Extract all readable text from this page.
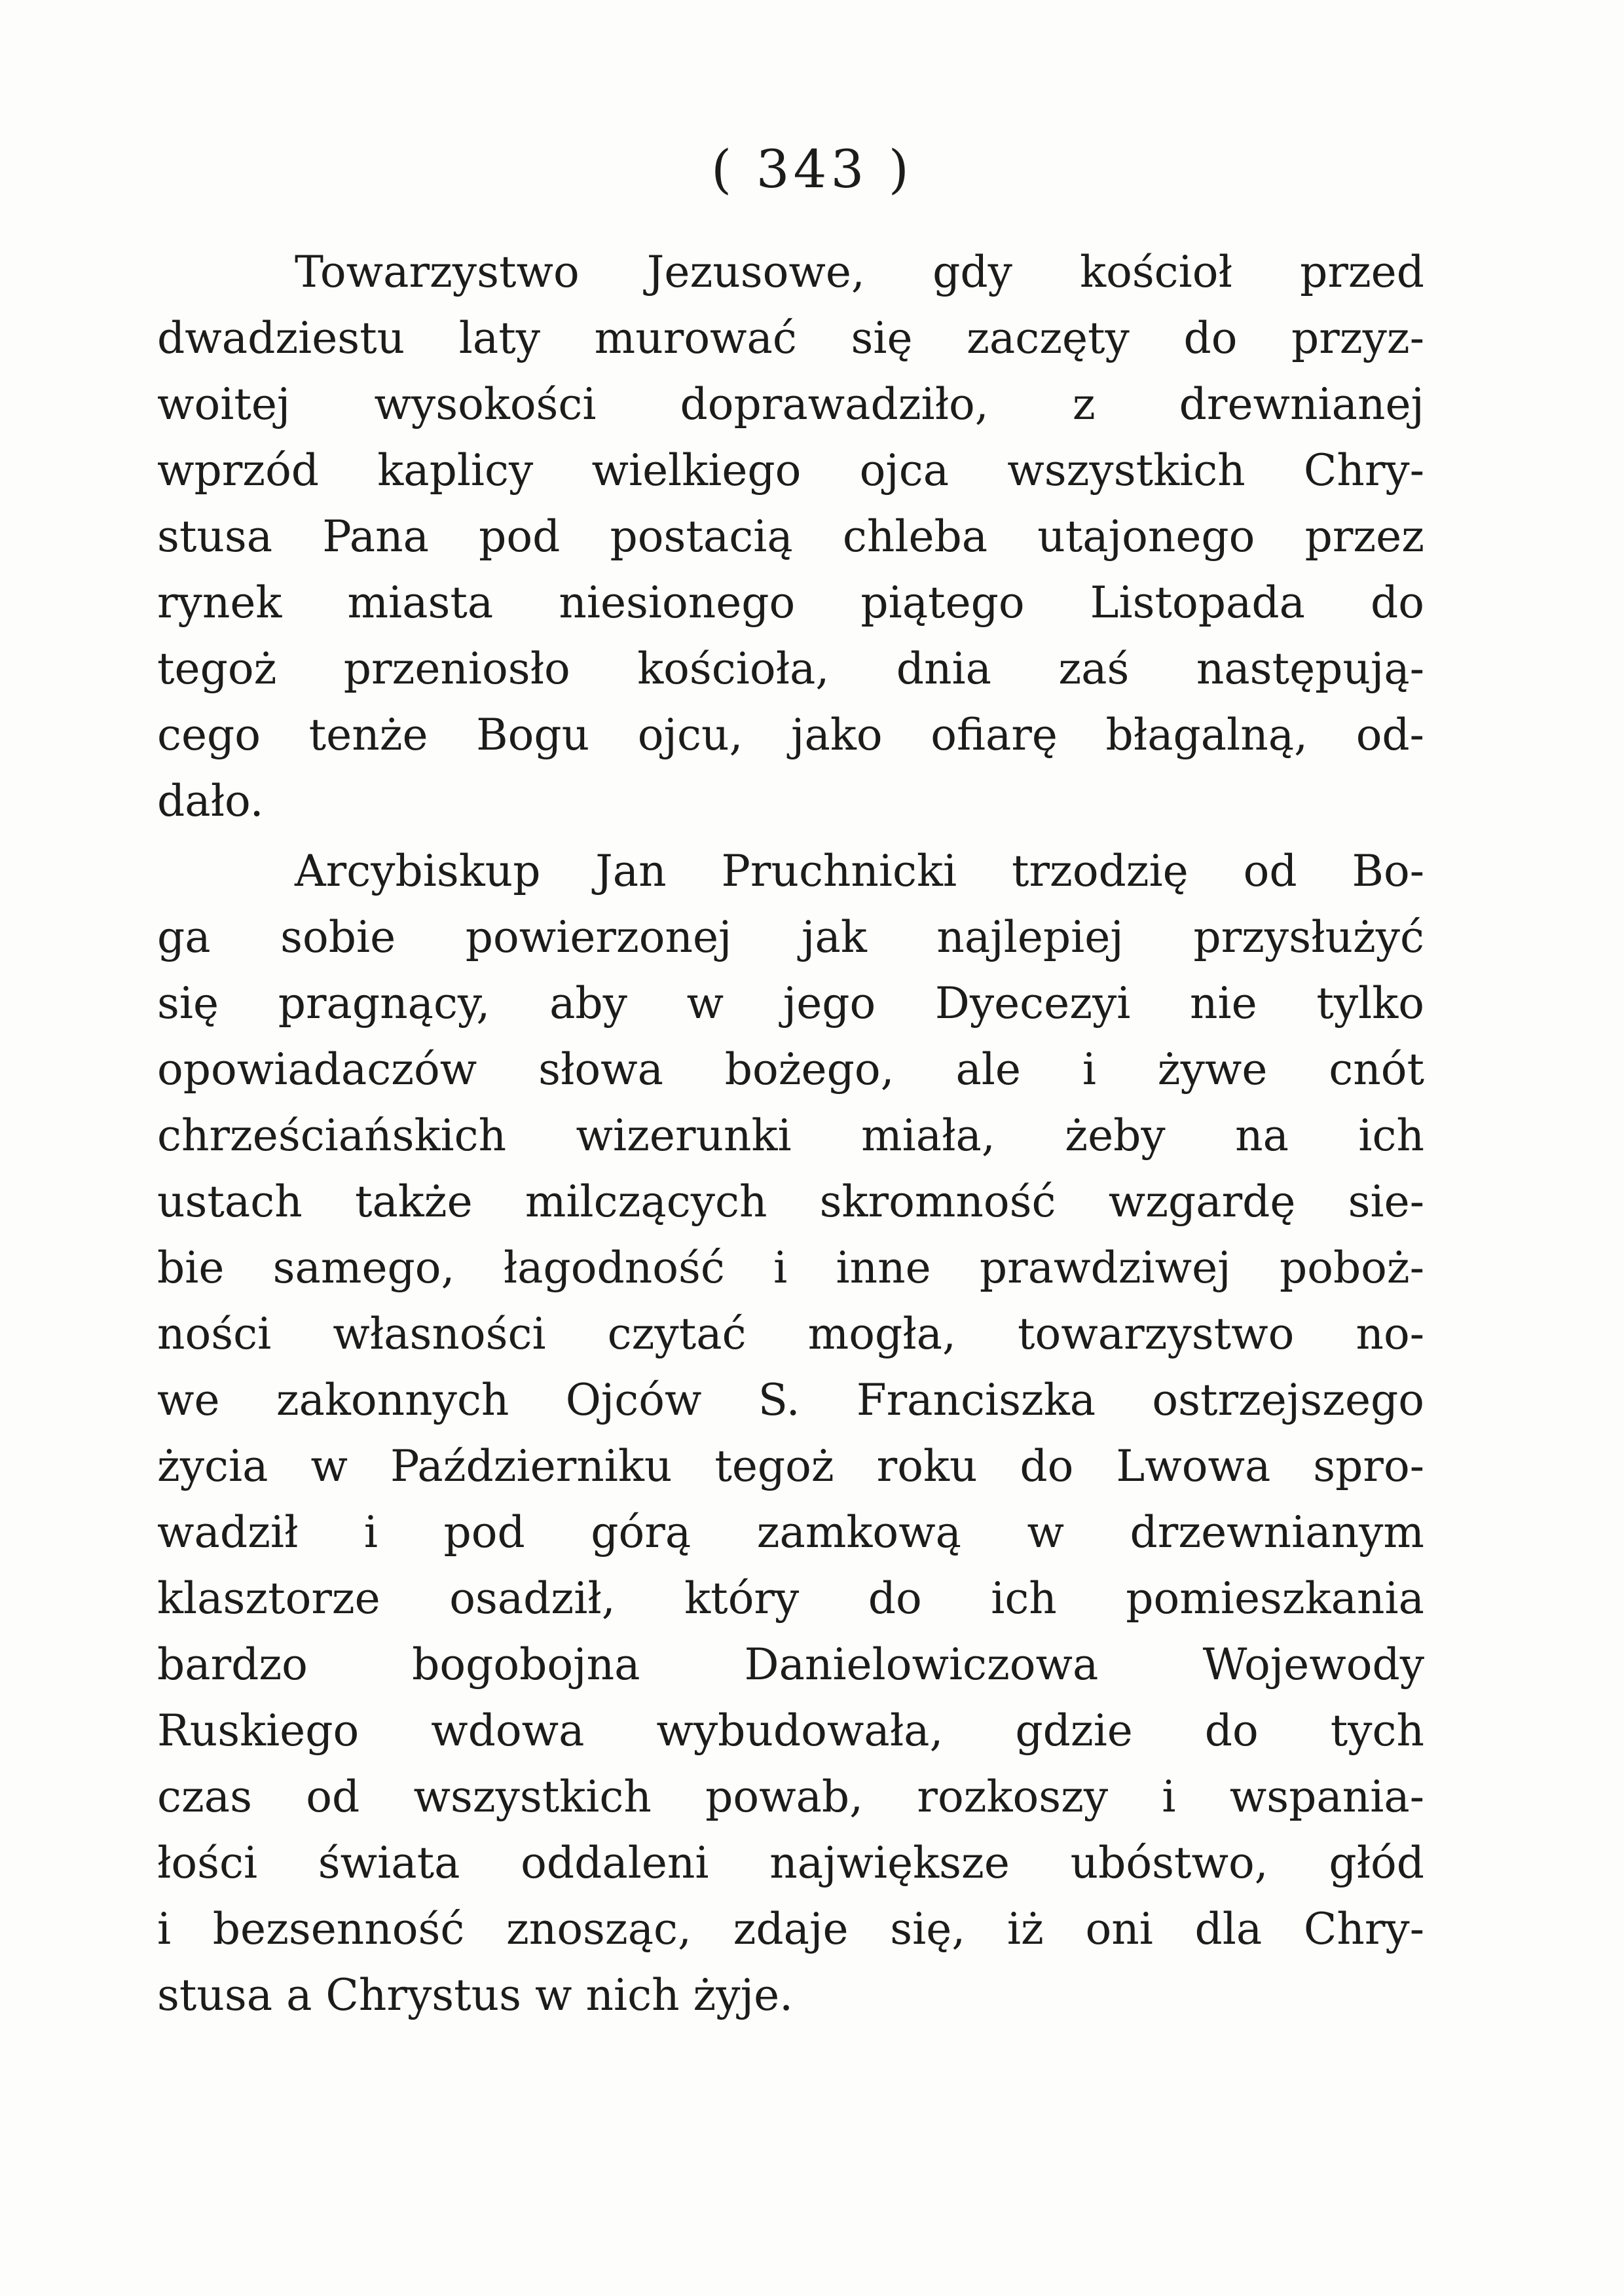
( 343 )
Towarzystwo Jezusowe, gdy kościoł przed
dwadziestu laty murować się zaczęty do przyz-
woitej wysokości doprawadziło, z drewnianej
wprzód kaplicy wielkiego ojca wszystkich Chry-
stusa Pana pod postacią chleba utajonego przez
rynek miasta niesionego piątego Listopada do
tegoż przeniosło kościoła, dnia zaś następują-
cego tenże Bogu ojcu, jako ofiarę błagalną, od-
dało.
Arcybiskup Jan Pruchnicki trzodzię od Bo-
ga sobie powierzonej jak najlepiej przysłużyć
się pragnący, aby w jego Dyecezyi nie tylko
opowiadaczów słowa bożego, ale i żywe cnót
chrześciańskich wizerunki miała, żeby na ich
ustach także milczących skromność wzgardę sie-
bie samego, łagodność i inne prawdziwej poboż-
ności własności czytać mogła, towarzystwo no-
we zakonnych Ojców S. Franciszka ostrzejszego
życia w Październiku tegoż roku do Lwowa spro-
wadził i pod górą zamkową w drzewnianym
klasztorze osadził, który do ich pomieszkania
bardzo bogobojna Danielowiczowa Wojewody
Ruskiego wdowa wybudowała, gdzie do tych
czas od wszystkich powab, rozkoszy i wspania-
łości świata oddaleni największe ubóstwo, głód
i bezsenność znosząc, zdaje się, iż oni dla Chry-
stusa a Chrystus w nich żyje.
